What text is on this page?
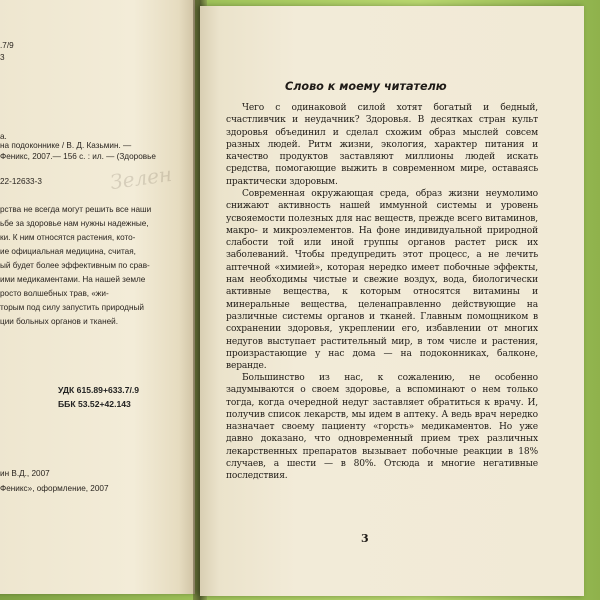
Зелен
.7/9
3
а.
на подоконнике / В. Д. Казьмин. —
Феникс, 2007.— 156 с. : ил. — (Здоровье
22-12633-3
рства не всегда могут решить все наши
ьбе за здоровье нам нужны надежные,
ки. К ним относятся растения, кото-
ие официальная медицина, считая,
ый будет более эффективным по срав-
ими медикаментами. На нашей земле
росто волшебных трав, «жи-
торым под силу запустить природный
ции больных органов и тканей.
УДК 615.89+633.7/.9
ББК 53.52+42.143
ин В.Д., 2007
Феникс», оформление, 2007
Слово к моему читателю
Чего с одинаковой силой хотят богатый и бедный, счастливчик и неудачник? Здоровья. В десятках стран культ здоровья объединил и сделал схожим образ мыслей совсем разных людей. Ритм жизни, экология, характер питания и качество продуктов заставляют миллионы людей искать средства, помогающие выжить в современном мире, оставаясь практически здоровым.
Современная окружающая среда, образ жизни неумолимо снижают активность нашей иммунной системы и уровень усвояемости полезных для нас веществ, прежде всего витаминов, макро- и микроэлементов. На фоне индивидуальной природной слабости той или иной группы органов растет риск их заболеваний. Чтобы предупредить этот процесс, а не лечить аптечной «химией», которая нередко имеет побочные эффекты, нам необходимы чистые и свежие воздух, вода, биологически активные вещества, к которым относятся витамины и минеральные вещества, целенаправленно действующие на различные системы органов и тканей. Главным помощником в сохранении здоровья, укреплении его, избавлении от многих недугов выступает растительный мир, в том числе и растения, произрастающие у нас дома — на подоконниках, балконе, веранде.
Большинство из нас, к сожалению, не особенно задумываются о своем здоровье, а вспоминают о нем только тогда, когда очередной недуг заставляет обратиться к врачу. И, получив список лекарств, мы идем в аптеку. А ведь врач нередко назначает своему пациенту «горсть» медикаментов. Но уже давно доказано, что одновременный прием трех различных лекарственных препаратов вызывает побочные реакции в 18% случаев, а шести — в 80%. Отсюда и многие негативные последствия.
3
